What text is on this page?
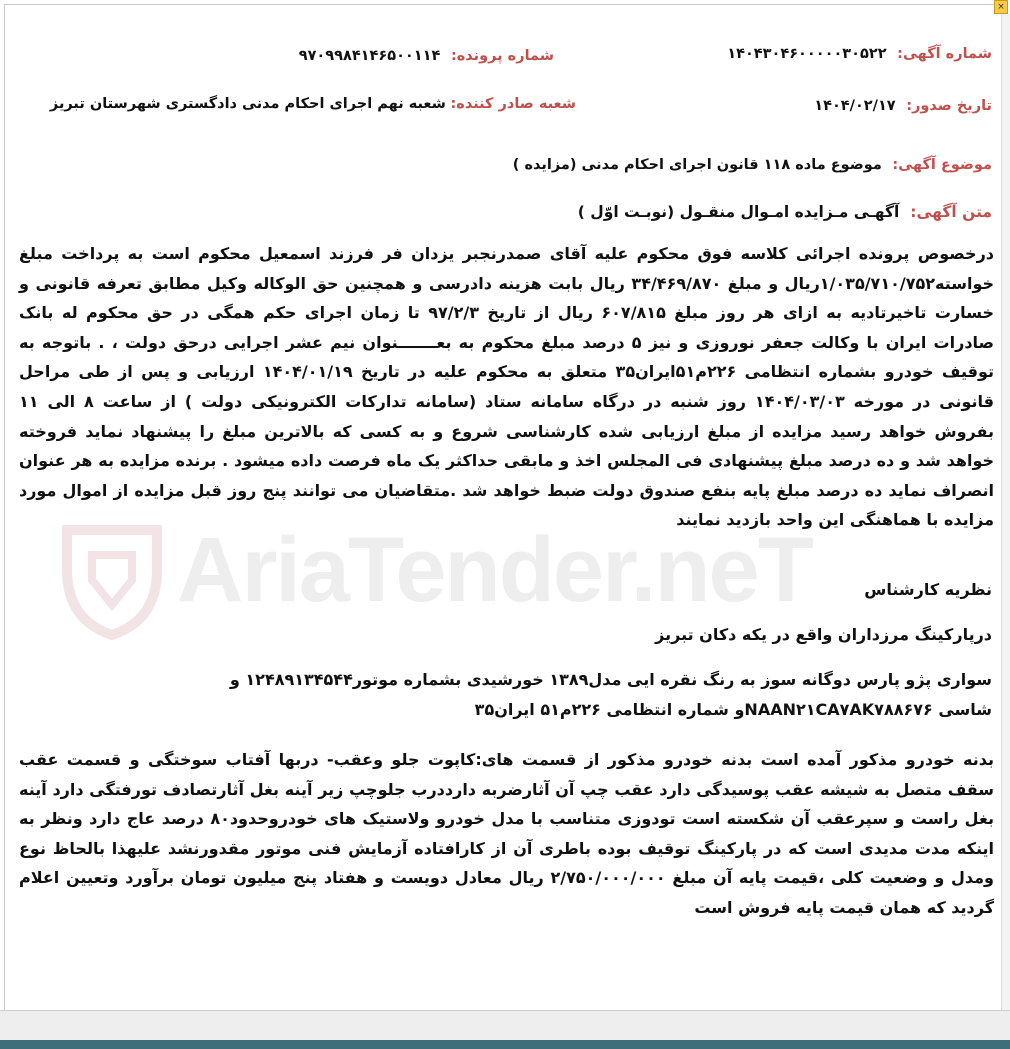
×
شماره آگهی: ۱۴۰۴۳۰۴۶۰۰۰۰۰۳۰۵۲۲
شماره پرونده: ۹۷۰۹۹۸۴۱۴۶۵۰۰۱۱۴
تاریخ صدور: ۱۴۰۴/۰۲/۱۷
شعبه صادر کننده: شعبه نهم اجرای احکام مدنی دادگستری شهرستان تبریز
موضوع آگهی: موضوع ماده ۱۱۸ قانون اجرای احکام مدنی (مزایده )
متن آگهی: آگهـی مـزایده امـوال منقـول (نوبـت اوّل )
درخصوص پرونده اجرائی کلاسه فوق محکوم علیه آقای صمدرنجبر یزدان فر فرزند اسمعیل محکوم است به پرداخت مبلغ خواسته۱/۰۳۵/۷۱۰/۷۵۲ریال و مبلغ ۳۴/۴۶۹/۸۷۰ ریال بابت هزینه دادرسی و همچنین حق الوکاله وکیل مطابق تعرفه قانونی و خسارت تاخیرتادیه به ازای هر روز مبلغ ۶۰۷/۸۱۵ ریال از تاریخ ۹۷/۲/۳ تا زمان اجرای حکم همگی در حق محکوم له بانک صادرات ایران با وکالت جعفر نوروزی و نیز ۵ درصد مبلغ محکوم به بعـــــــنوان نیم عشر اجرایی درحق دولت ، . باتوجه به توقیف خودرو بشماره انتظامی ۲۲۶م۵۱ایران۳۵ متعلق به محکوم علیه در تاریخ ۱۴۰۴/۰۱/۱۹ ارزیابی و پس از طی مراحل قانونی در مورخه ۱۴۰۴/۰۳/۰۳ روز شنبه در درگاه سامانه ستاد (سامانه تدارکات الکترونیکی دولت ) از ساعت ۸ الی ۱۱ بفروش خواهد رسید مزایده از مبلغ ارزیابی شده کارشناسی شروع و به کسی که بالاترین مبلغ را پیشنهاد نماید فروخته خواهد شد و ده درصد مبلغ پیشنهادی فی المجلس اخذ و مابقی حداکثر یک ماه فرصت داده میشود . برنده مزایده به هر عنوان انصراف نماید ده درصد مبلغ پایه بنفع صندوق دولت ضبط خواهد شد .متقاضیان می توانند پنج روز قبل مزایده از اموال مورد مزایده با هماهنگی این واحد بازدید نمایند
نظریه کارشناس
درپارکینگ مرزداران واقع در یکه دکان تبریز
سواری پژو پارس دوگانه سوز به رنگ نقره ایی مدل۱۳۸۹ خورشیدی بشماره موتور۱۲۴۸۹۱۳۴۵۴۴ و
شاسی NAAN۲۱CA۷AK۷۸۸۶۷۶و شماره انتظامی ۲۲۶م۵۱ ایران۳۵
بدنه خودرو مذکور آمده است بدنه خودرو مذکور از قسمت های:کاپوت جلو وعقب- دربها آفتاب سوختگی و قسمت عقب سقف متصل به شیشه عقب پوسیدگی دارد عقب چپ آن آثارضربه دارددرب جلوچپ زیر آینه بغل آثارتصادف تورفتگی دارد آینه بغل راست و سپرعقب آن شکسته است تودوزی متناسب با مدل خودرو ولاستیک های خودروحدود۸۰ درصد عاج دارد ونظر به اینکه مدت مدیدی است که در پارکینگ توقیف بوده باطری آن از کارافتاده آزمایش فنی موتور مقدورنشد علیهذا بالحاظ نوع ومدل و وضعیت کلی ،قیمت پایه آن مبلغ ۲/۷۵۰/۰۰۰/۰۰۰ ریال معادل دویست و هفتاد پنج میلیون تومان برآورد وتعیین اعلام گردید که همان قیمت پایه فروش است
